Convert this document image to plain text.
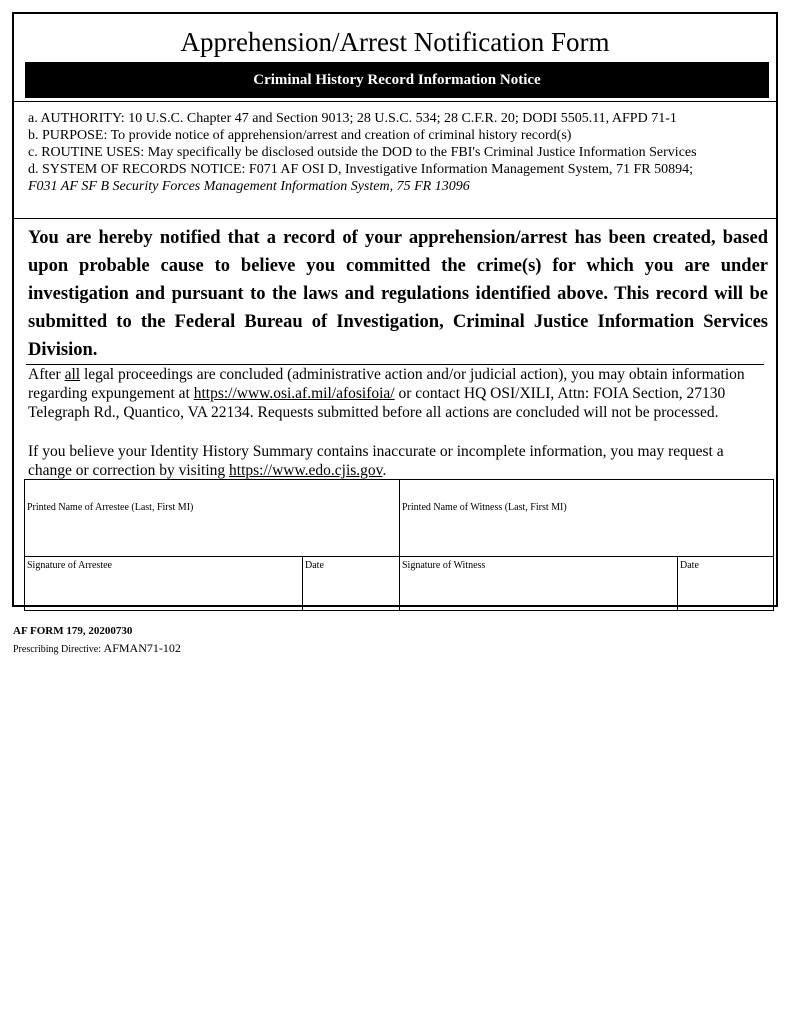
Apprehension/Arrest Notification Form
Criminal History Record Information Notice
a. AUTHORITY: 10 U.S.C. Chapter 47 and Section 9013; 28 U.S.C. 534; 28 C.F.R. 20; DODI 5505.11, AFPD 71-1
b. PURPOSE: To provide notice of apprehension/arrest and creation of criminal history record(s)
c. ROUTINE USES: May specifically be disclosed outside the DOD to the FBI's Criminal Justice Information Services
d. SYSTEM OF RECORDS NOTICE: F071 AF OSI D, Investigative Information Management System, 71 FR 50894;
F031 AF SF B Security Forces Management Information System, 75 FR 13096
You are hereby notified that a record of your apprehension/arrest has been created, based upon probable cause to believe you committed the crime(s) for which you are under investigation and pursuant to the laws and regulations identified above. This record will be submitted to the Federal Bureau of Investigation, Criminal Justice Information Services Division.
After all legal proceedings are concluded (administrative action and/or judicial action), you may obtain information regarding expungement at https://www.osi.af.mil/afosifoia/ or contact HQ OSI/XILI, Attn: FOIA Section, 27130 Telegraph Rd., Quantico, VA 22134. Requests submitted before all actions are concluded will not be processed.
If you believe your Identity History Summary contains inaccurate or incomplete information, you may request a change or correction by visiting https://www.edo.cjis.gov.
Printed Name of Arrestee (Last, First MI)	Printed Name of Witness (Last, First MI)
Signature of Arrestee	Date	Signature of Witness	Date
AF FORM 179, 20200730
Prescribing Directive: AFMAN71-102
